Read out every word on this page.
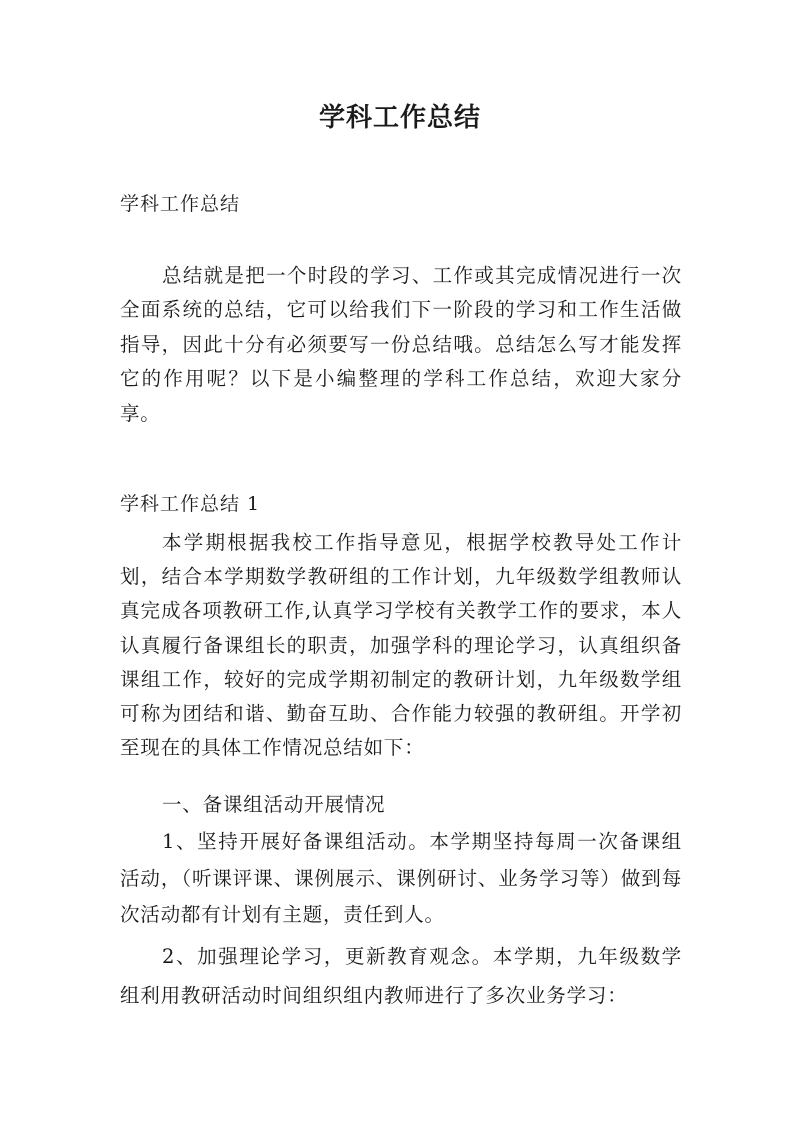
学科工作总结
学科工作总结

总结就是把一个时段的学习、工作或其完成情况进行一次全面系统的总结，它可以给我们下一阶段的学习和工作生活做指导，因此十分有必须要写一份总结哦。总结怎么写才能发挥它的作用呢？以下是小编整理的学科工作总结，欢迎大家分享。

学科工作总结 1

本学期根据我校工作指导意见，根据学校教导处工作计划，结合本学期数学教研组的工作计划，九年级数学组教师认真完成各项教研工作,认真学习学校有关教学工作的要求，本人认真履行备课组长的职责，加强学科的理论学习，认真组织备课组工作，较好的完成学期初制定的教研计划，九年级数学组可称为团结和谐、勤奋互助、合作能力较强的教研组。开学初至现在的具体工作情况总结如下：

一、备课组活动开展情况

1、坚持开展好备课组活动。本学期坚持每周一次备课组活动，（听课评课、课例展示、课例研讨、业务学习等）做到每次活动都有计划有主题，责任到人。

2、加强理论学习，更新教育观念。本学期，九年级数学组利用教研活动时间组织组内教师进行了多次业务学习：
